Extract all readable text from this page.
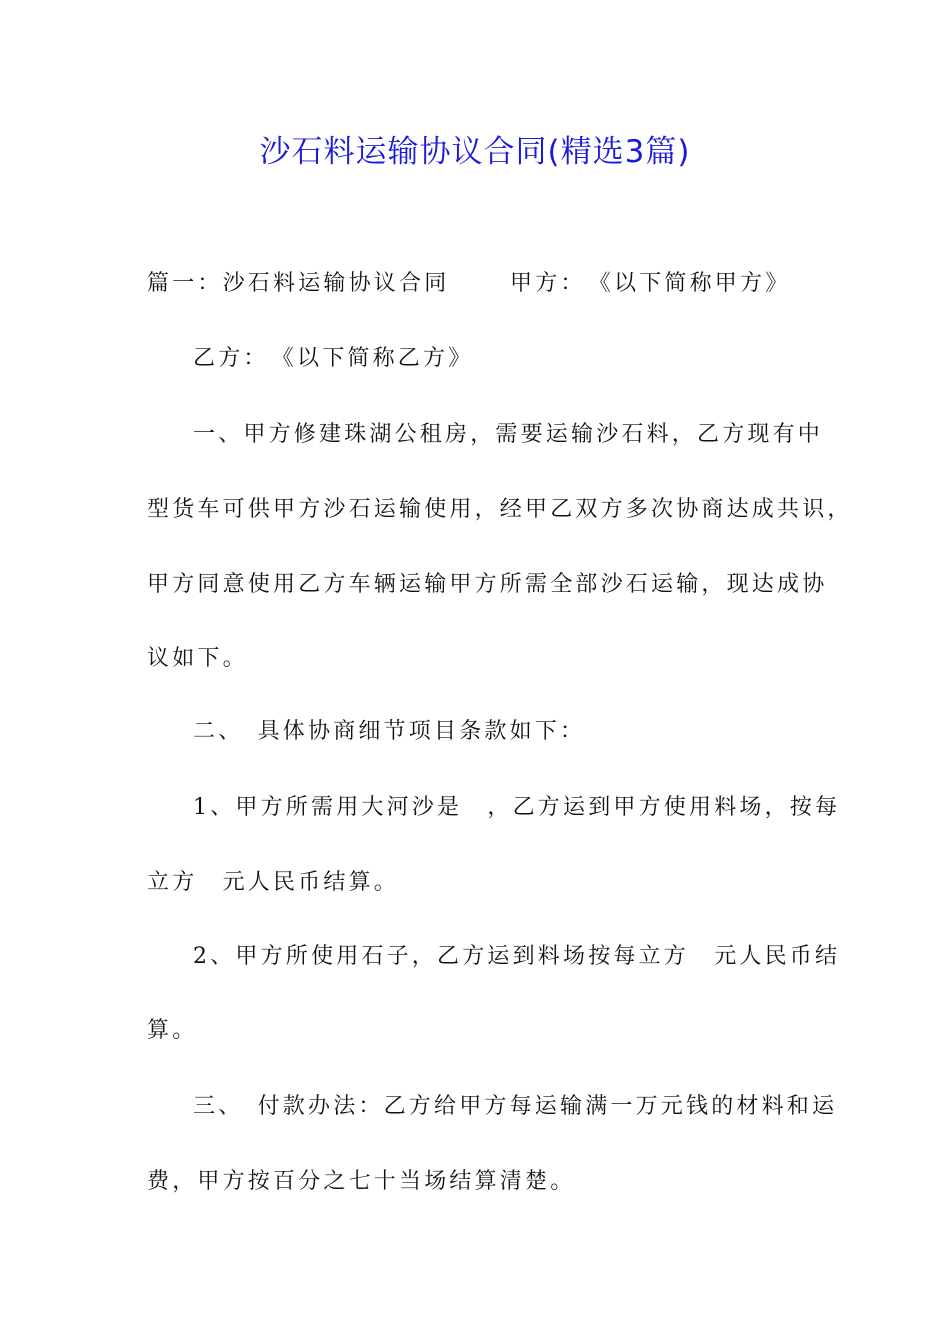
沙石料运输协议合同(精选3篇)
篇一：沙石料运输协议合同　　 甲方：　《以下简称甲方》
乙方：　《以下简称乙方》
一、甲方修建珠湖公租房，需要运输沙石料，乙方现有中
型货车可供甲方沙石运输使用，经甲乙双方多次协商达成共识，
甲方同意使用乙方车辆运输甲方所需全部沙石运输，现达成协
议如下。
二、　具体协商细节项目条款如下：
1、甲方所需用大河沙是　，乙方运到甲方使用料场，按每
立方　元人民币结算。
2、甲方所使用石子，乙方运到料场按每立方　元人民币结
算。
三、　付款办法：乙方给甲方每运输满一万元钱的材料和运
费，甲方按百分之七十当场结算清楚。
